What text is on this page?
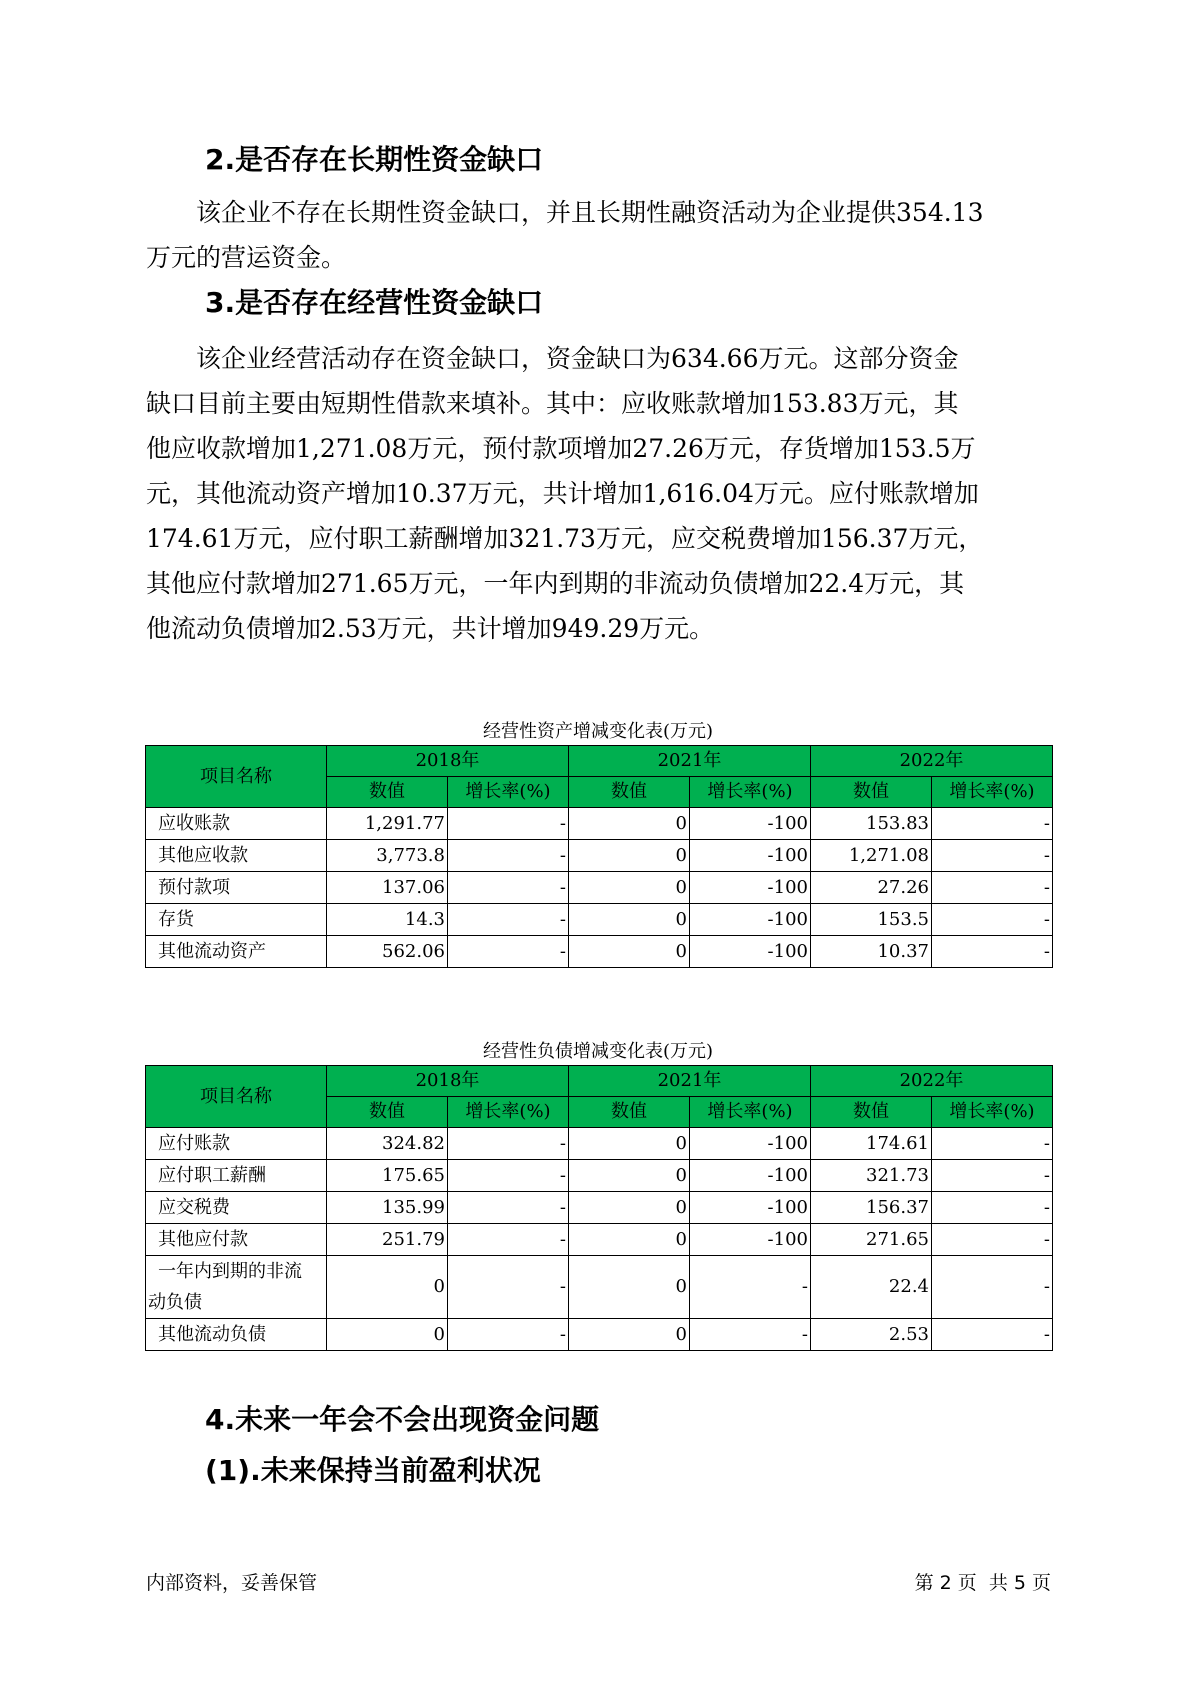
2.是否存在长期性资金缺口

该企业不存在长期性资金缺口，并且长期性融资活动为企业提供354.13
万元的营运资金。

3.是否存在经营性资金缺口

该企业经营活动存在资金缺口，资金缺口为634.66万元。这部分资金
缺口目前主要由短期性借款来填补。其中：应收账款增加153.83万元，其
他应收款增加1,271.08万元，预付款项增加27.26万元，存货增加153.5万
元，其他流动资产增加10.37万元，共计增加1,616.04万元。应付账款增加
174.61万元，应付职工薪酬增加321.73万元，应交税费增加156.37万元，
其他应付款增加271.65万元，一年内到期的非流动负债增加22.4万元，其
他流动负债增加2.53万元，共计增加949.29万元。

经营性资产增减变化表(万元)
项目名称	2018年		2021年		2022年	
	数值	增长率(%)	数值	增长率(%)	数值	增长率(%)
应收账款	1,291.77	-	0	-100	153.83	-
其他应收款	3,773.8	-	0	-100	1,271.08	-
预付款项	137.06	-	0	-100	27.26	-
存货	14.3	-	0	-100	153.5	-
其他流动资产	562.06	-	0	-100	10.37	-
经营性负债增减变化表(万元)
项目名称	2018年		2021年		2022年	
	数值	增长率(%)	数值	增长率(%)	数值	增长率(%)
应付账款	324.82	-	0	-100	174.61	-
应付职工薪酬	175.65	-	0	-100	321.73	-
应交税费	135.99	-	0	-100	156.37	-
其他应付款	251.79	-	0	-100	271.65	-

一年内到期的非流
动负债	0	-	0	-	22.4	-
其他流动负债	0	-	0	-	2.53	-
4.未来一年会不会出现资金问题
(1).未来保持当前盈利状况
内部资料，妥善保管	第 2 页  共 5 页
